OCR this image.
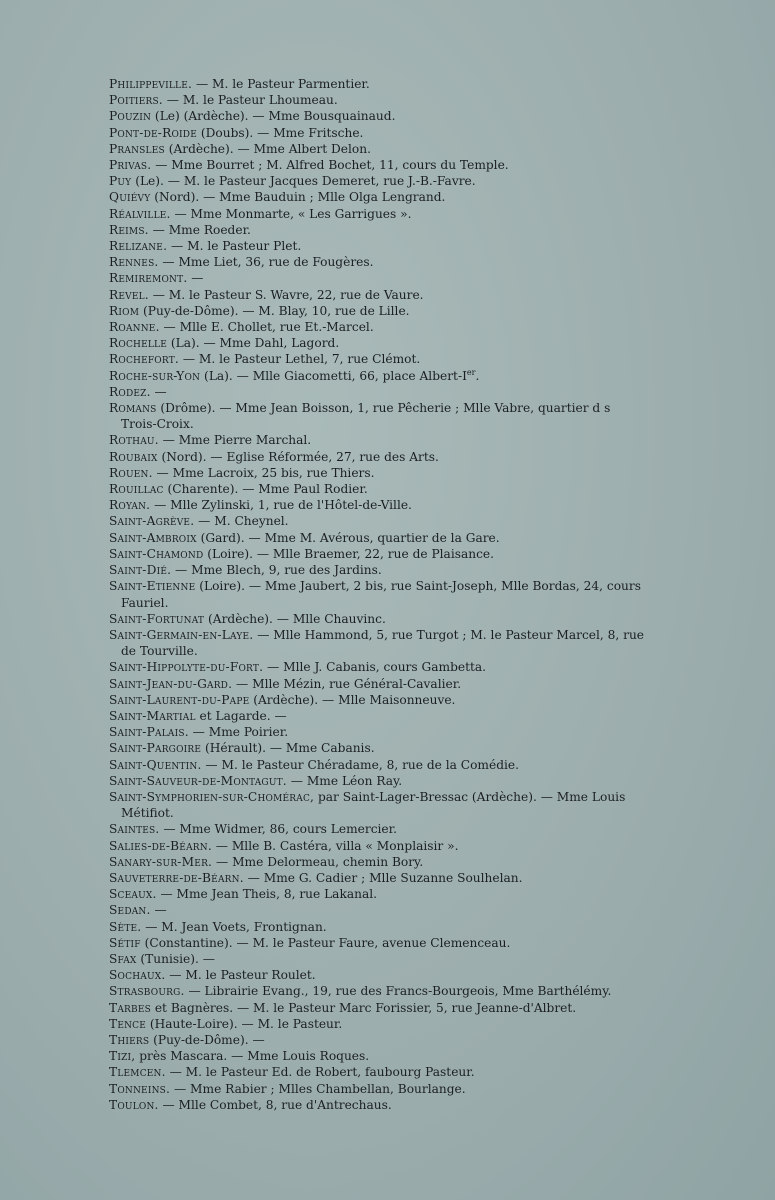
Philippeville. — M. le Pasteur Parmentier.

Poitiers. — M. le Pasteur Lhoumeau.

Pouzin (Le) (Ardèche). — Mme Bousquainaud.

Pont-de-Roide (Doubs). — Mme Fritsche.

Pransles (Ardèche). — Mme Albert Delon.

Privas. — Mme Bourret ; M. Alfred Bochet, 11, cours du Temple.

Puy (Le). — M. le Pasteur Jacques Demeret, rue J.-B.-Favre.

Quiévy (Nord). — Mme Bauduin ; Mlle Olga Lengrand.

Réalville. — Mme Monmarte, « Les Garrigues ».

Reims. — Mme Roeder.

Relizane. — M. le Pasteur Plet.

Rennes. — Mme Liet, 36, rue de Fougères.

Remiremont. —

Revel. — M. le Pasteur S. Wavre, 22, rue de Vaure.

Riom (Puy-de-Dôme). — M. Blay, 10, rue de Lille.

Roanne. — Mlle E. Chollet, rue Et.-Marcel.

Rochelle (La). — Mme Dahl, Lagord.

Rochefort. — M. le Pasteur Lethel, 7, rue Clémot.

Roche-sur-Yon (La). — Mlle Giacometti, 66, place Albert-Ier.

Rodez. —

Romans (Drôme). — Mme Jean Boisson, 1, rue Pêcherie ; Mlle Vabre, quartier d s Trois-Croix.

Rothau. — Mme Pierre Marchal.

Roubaix (Nord). — Eglise Réformée, 27, rue des Arts.

Rouen. — Mme Lacroix, 25 bis, rue Thiers.

Rouillac (Charente). — Mme Paul Rodier.

Royan. — Mlle Zylinski, 1, rue de l'Hôtel-de-Ville.

Saint-Agrève. — M. Cheynel.

Saint-Ambroix (Gard). — Mme M. Avérous, quartier de la Gare.

Saint-Chamond (Loire). — Mlle Braemer, 22, rue de Plaisance.

Saint-Dié. — Mme Blech, 9, rue des Jardins.

Saint-Etienne (Loire). — Mme Jaubert, 2 bis, rue Saint-Joseph, Mlle Bordas, 24, cours Fauriel.

Saint-Fortunat (Ardèche). — Mlle Chauvinc.

Saint-Germain-en-Laye. — Mlle Hammond, 5, rue Turgot ; M. le Pasteur Marcel, 8, rue de Tourville.

Saint-Hippolyte-du-Fort. — Mlle J. Cabanis, cours Gambetta.

Saint-Jean-du-Gard. — Mlle Mézin, rue Général-Cavalier.

Saint-Laurent-du-Pape (Ardèche). — Mlle Maisonneuve.

Saint-Martial et Lagarde. —

Saint-Palais. — Mme Poirier.

Saint-Pargoire (Hérault). — Mme Cabanis.

Saint-Quentin. — M. le Pasteur Chéradame, 8, rue de la Comédie.

Saint-Sauveur-de-Montagut. — Mme Léon Ray.

Saint-Symphorien-sur-Chomérac, par Saint-Lager-Bressac (Ardèche). — Mme Louis Métifiot.

Saintes. — Mme Widmer, 86, cours Lemercier.

Salies-de-Béarn. — Mlle B. Castéra, villa « Monplaisir ».

Sanary-sur-Mer. — Mme Delormeau, chemin Bory.

Sauveterre-de-Béarn. — Mme G. Cadier ; Mlle Suzanne Soulhelan.

Sceaux. — Mme Jean Theis, 8, rue Lakanal.

Sedan. —

Sète. — M. Jean Voets, Frontignan.

Sétif (Constantine). — M. le Pasteur Faure, avenue Clemenceau.

Sfax (Tunisie). —

Sochaux. — M. le Pasteur Roulet.

Strasbourg. — Librairie Evang., 19, rue des Francs-Bourgeois, Mme Barthélémy.

Tarbes et Bagnères. — M. le Pasteur Marc Forissier, 5, rue Jeanne-d'Albret.

Tence (Haute-Loire). — M. le Pasteur.

Thiers (Puy-de-Dôme). —

Tizi, près Mascara. — Mme Louis Roques.

Tlemcen. — M. le Pasteur Ed. de Robert, faubourg Pasteur.

Tonneins. — Mme Rabier ; Mlles Chambellan, Bourlange.

Toulon. — Mlle Combet, 8, rue d'Antrechaus.
